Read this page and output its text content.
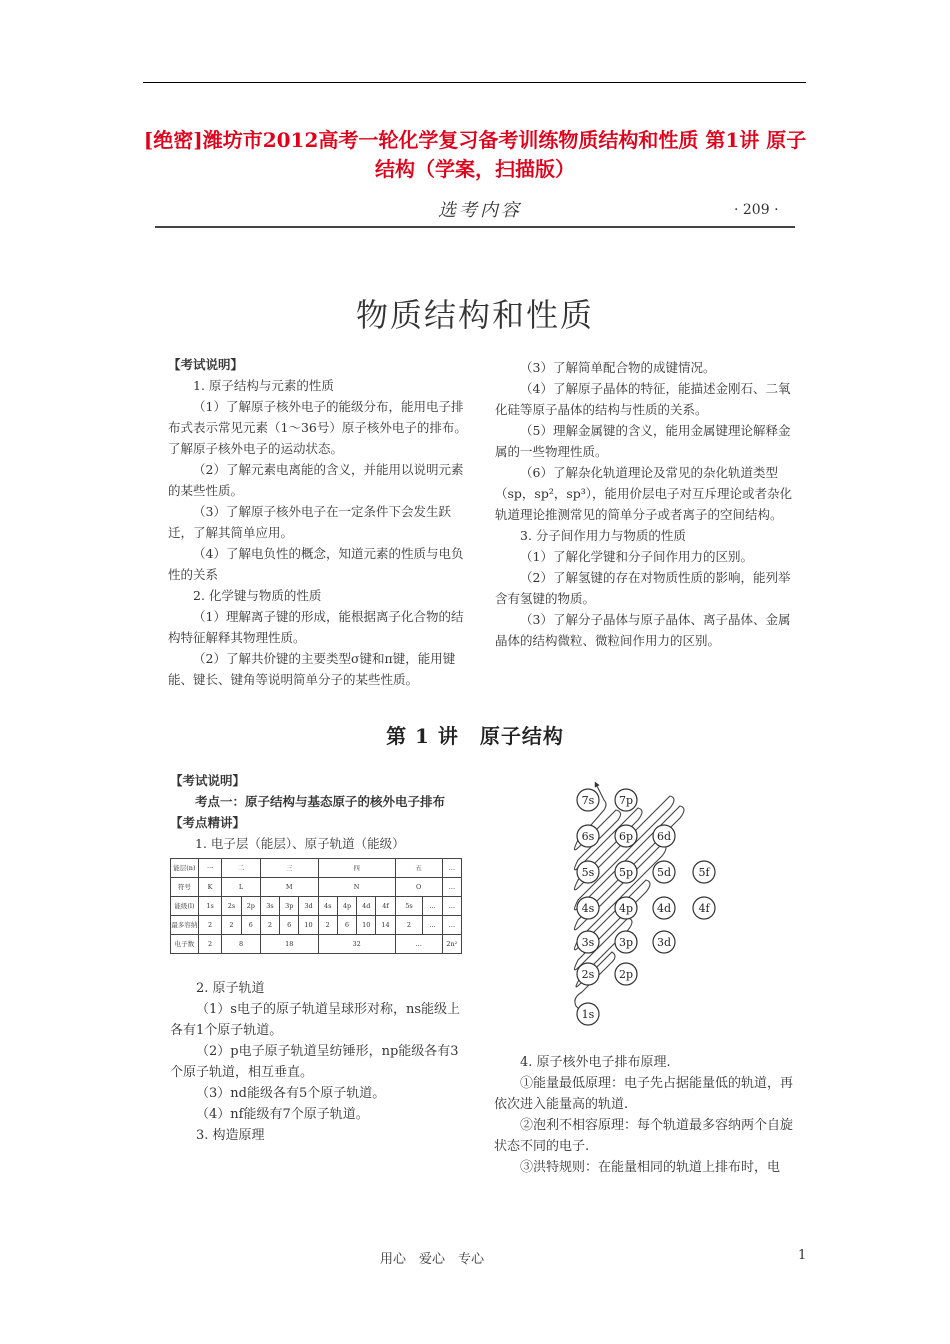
[绝密]潍坊市2012高考一轮化学复习备考训练物质结构和性质 第1讲 原子结构（学案，扫描版）
选考内容	· 209 ·
物质结构和性质

【考试说明】

1. 原子结构与元素的性质

（1）了解原子核外电子的能级分布，能用电子排布式表示常见元素（1～36号）原子核外电子的排布。了解原子核外电子的运动状态。

（2）了解元素电离能的含义，并能用以说明元素的某些性质。

（3）了解原子核外电子在一定条件下会发生跃迁，了解其简单应用。

（4）了解电负性的概念，知道元素的性质与电负性的关系

2. 化学键与物质的性质

（1）理解离子键的形成，能根据离子化合物的结构特征解释其物理性质。

（2）了解共价键的主要类型σ键和π键，能用键能、键长、键角等说明简单分子的某些性质。

（3）了解简单配合物的成键情况。

（4）了解原子晶体的特征，能描述金刚石、二氧化硅等原子晶体的结构与性质的关系。

（5）理解金属键的含义，能用金属键理论解释金属的一些物理性质。

（6）了解杂化轨道理论及常见的杂化轨道类型（sp，sp²，sp³），能用价层电子对互斥理论或者杂化轨道理论推测常见的简单分子或者离子的空间结构。

3. 分子间作用力与物质的性质

（1）了解化学键和分子间作用力的区别。

（2）了解氢键的存在对物质性质的影响，能列举含有氢键的物质。

（3）了解分子晶体与原子晶体、离子晶体、金属晶体的结构微粒、微粒间作用力的区别。

第 1 讲　原子结构

【考试说明】

考点一：原子结构与基态原子的核外电子排布

【考点精讲】

1. 电子层（能层）、原子轨道（能级）

能层(n)	一	二		三			四				五		…
符号	K	L		M			N				O		…
能级(l)	1s	2s	2p	3s	3p	3d	4s	4p	4d	4f	5s	…	…
最多容纳	2	2	6	2	6	10	2	6	10	14	2	…	…
电子数	2	8		18			32				…		2n²

2. 原子轨道

（1）s电子的原子轨道呈球形对称，ns能级上各有1个原子轨道。

（2）p电子原子轨道呈纺锤形，np能级各有3个原子轨道，相互垂直。

（3）nd能级各有5个原子轨道。

（4）nf能级有7个原子轨道。

3. 构造原理

7s 7p
6s 6p 6d
5s 5p 5d 5f
4s 4p 4d 4f
3s 3p 3d
2s 2p
1s

4. 原子核外电子排布原理.

①能量最低原理：电子先占据能量低的轨道，再依次进入能量高的轨道.

②泡利不相容原理：每个轨道最多容纳两个自旋状态不同的电子.

③洪特规则：在能量相同的轨道上排布时，电

用心　爱心　专心	1
